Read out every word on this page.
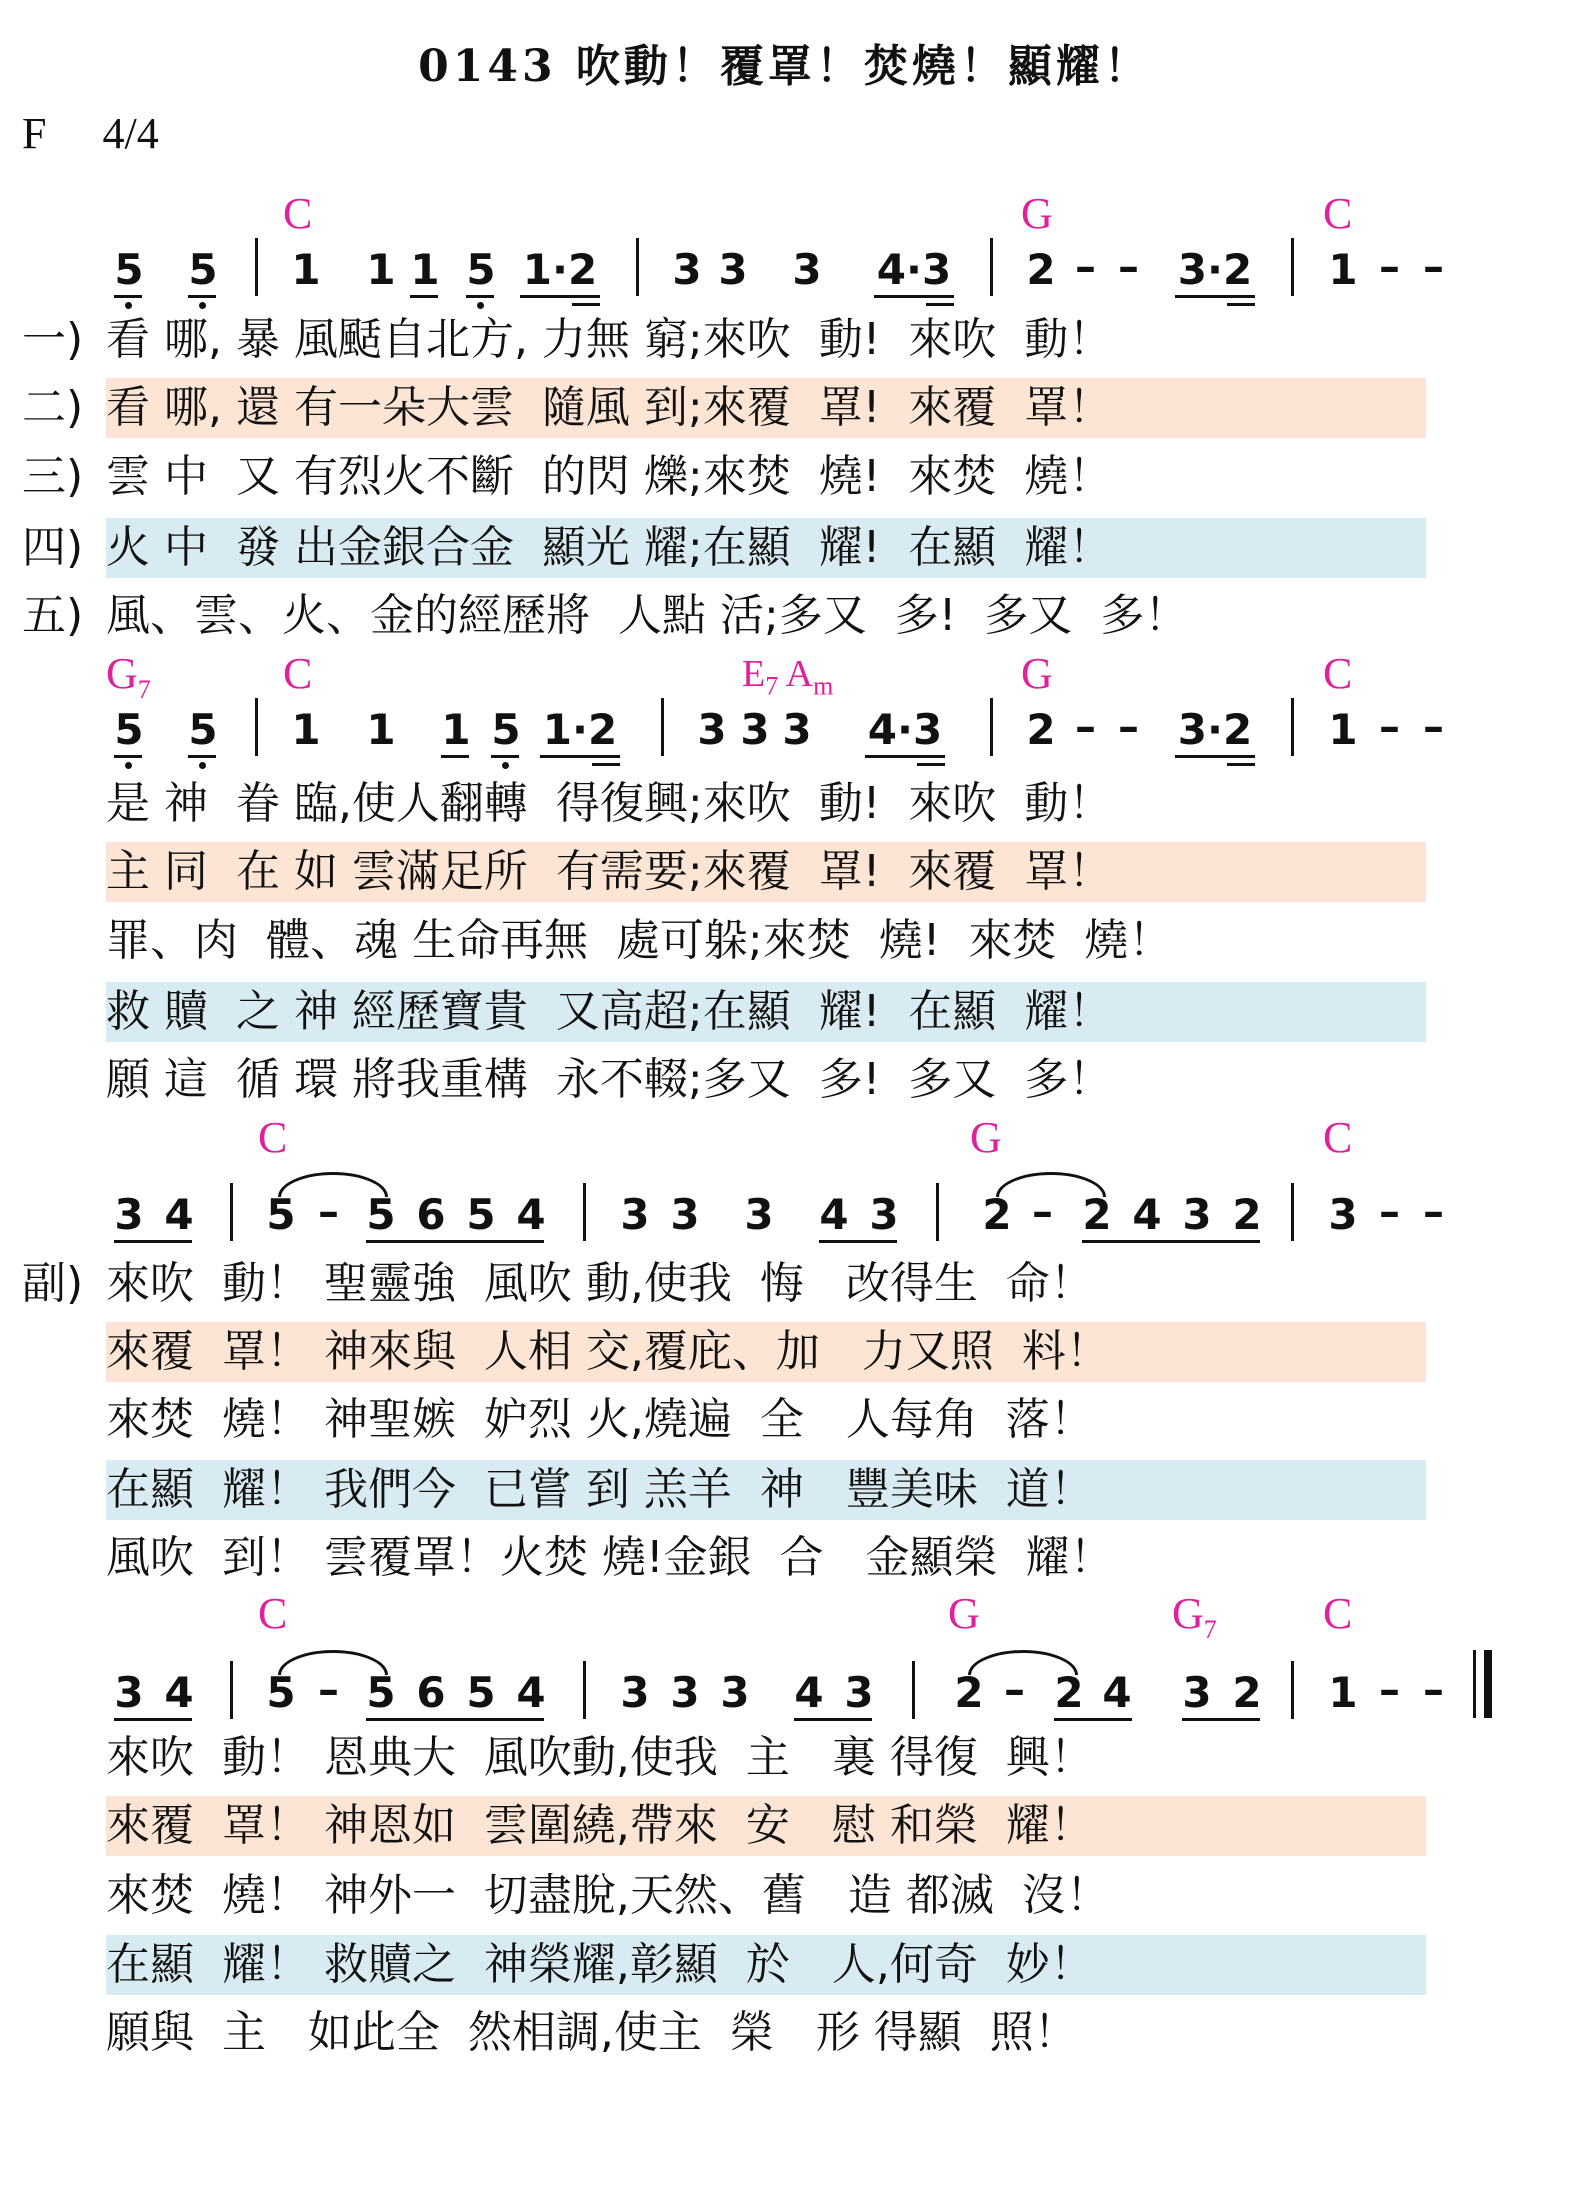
0143 吹動！覆罩！焚燒！顯耀！
F 4/4
C	G	C
5 5 1 1 1 5 1·2 3 3 3 4·3 2 – – 3·2 1 – –
一)
二)
三)
四)
五)
看 哪, 暴 風颳自北方, 力無 窮;來吹  動!  來吹  動！
看 哪, 還 有一朵大雲  隨風 到;來覆  罩!  來覆  罩！
雲 中  又 有烈火不斷  的閃 爍;來焚  燒!  來焚  燒！
火 中  發 出金銀合金  顯光 耀;在顯  耀!  在顯  耀！
風、雲、火、金的經歷將  人點 活;多又  多!  多又  多！
$G_7$	C	$E_7$ $A_m$	G	C
5 5 1 1 1 5 1·2 3 3 3 4·3 2 – – 3·2 1 – –
是 神  眷 臨,使人翻轉  得復興;來吹  動!  來吹  動！
主 同  在 如 雲滿足所  有需要;來覆  罩!  來覆  罩！
罪、肉  體、魂 生命再無  處可躲;來焚  燒!  來焚  燒！
救 贖  之 神 經歷寶貴  又高超;在顯  耀!  在顯  耀！
願 這  循 環 將我重構  永不輟;多又  多!  多又  多！
C	G	C
3 4 5 – 5 6 5 4 3 3 3 4 3 2 – 2 4 3 2 3 – –
副) 來吹  動！ 聖靈強  風吹 動,使我  悔   改得生  命！
來覆  罩！ 神來與  人相 交,覆庇、加   力又照  料！
來焚  燒！ 神聖嫉  妒烈 火,燒遍  全   人每角  落！
在顯  耀！ 我們今  已嘗 到 羔羊  神   豐美味  道！
風吹  到！ 雲覆罩！火焚 燒!金銀  合   金顯榮  耀！
C	G	$G_7$ C
3 4 5 – 5 6 5 4 3 3 3 4 3 2 – 2 4 3 2 1 – –
來吹  動！ 恩典大  風吹動,使我  主   裏 得復  興！
來覆  罩！ 神恩如  雲圍繞,帶來  安   慰 和榮  耀！
來焚  燒！ 神外一  切盡脫,天然、舊   造 都滅  沒！
在顯  耀！ 救贖之  神榮耀,彰顯  於   人,何奇  妙！
願與  主   如此全  然相調,使主  榮   形 得顯  照！
